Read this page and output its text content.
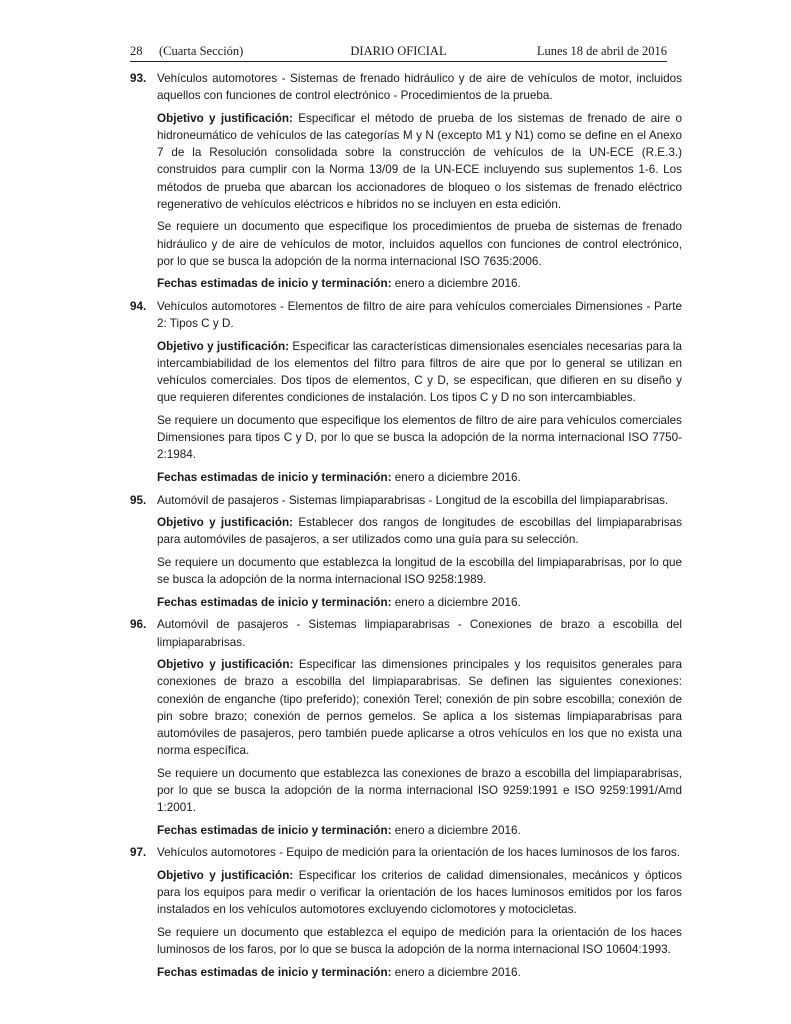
DIARIO OFICIAL
28 (Cuarta Sección)	Lunes 18 de abril de 2016
93. Vehículos automotores - Sistemas de frenado hidráulico y de aire de vehículos de motor, incluidos aquellos con funciones de control electrónico - Procedimientos de la prueba.

Objetivo y justificación: Especificar el método de prueba de los sistemas de frenado de aire o hidroneumático de vehículos de las categorías M y N (excepto M1 y N1) como se define en el Anexo 7 de la Resolución consolidada sobre la construcción de vehículos de la UN-ECE (R.E.3.) construidos para cumplir con la Norma 13/09 de la UN-ECE incluyendo sus suplementos 1-6. Los métodos de prueba que abarcan los accionadores de bloqueo o los sistemas de frenado eléctrico regenerativo de vehículos eléctricos e híbridos no se incluyen en esta edición.

Se requiere un documento que especifique los procedimientos de prueba de sistemas de frenado hidráulico y de aire de vehículos de motor, incluidos aquellos con funciones de control electrónico, por lo que se busca la adopción de la norma internacional ISO 7635:2006.

Fechas estimadas de inicio y terminación: enero a diciembre 2016.

94. Vehículos automotores - Elementos de filtro de aire para vehículos comerciales Dimensiones - Parte 2: Tipos C y D.

Objetivo y justificación: Especificar las características dimensionales esenciales necesarias para la intercambiabilidad de los elementos del filtro para filtros de aire que por lo general se utilizan en vehículos comerciales. Dos tipos de elementos, C y D, se especifican, que difieren en su diseño y que requieren diferentes condiciones de instalación. Los tipos C y D no son intercambiables.

Se requiere un documento que especifique los elementos de filtro de aire para vehículos comerciales Dimensiones para tipos C y D, por lo que se busca la adopción de la norma internacional ISO 7750-2:1984.

Fechas estimadas de inicio y terminación: enero a diciembre 2016.

95. Automóvil de pasajeros - Sistemas limpiaparabrisas - Longitud de la escobilla del limpiaparabrisas.

Objetivo y justificación: Establecer dos rangos de longitudes de escobillas del limpiaparabrisas para automóviles de pasajeros, a ser utilizados como una guía para su selección.

Se requiere un documento que establezca la longitud de la escobilla del limpiaparabrisas, por lo que se busca la adopción de la norma internacional ISO 9258:1989.

Fechas estimadas de inicio y terminación: enero a diciembre 2016.

96. Automóvil de pasajeros - Sistemas limpiaparabrisas - Conexiones de brazo a escobilla del limpiaparabrisas.

Objetivo y justificación: Especificar las dimensiones principales y los requisitos generales para conexiones de brazo a escobilla del limpiaparabrisas. Se definen las siguientes conexiones: conexión de enganche (tipo preferido); conexión Terel; conexión de pin sobre escobilla; conexión de pin sobre brazo; conexión de pernos gemelos. Se aplica a los sistemas limpiaparabrisas para automóviles de pasajeros, pero también puede aplicarse a otros vehículos en los que no exista una norma específica.

Se requiere un documento que establezca las conexiones de brazo a escobilla del limpiaparabrisas, por lo que se busca la adopción de la norma internacional ISO 9259:1991 e ISO 9259:1991/Amd 1:2001.

Fechas estimadas de inicio y terminación: enero a diciembre 2016.

97. Vehículos automotores - Equipo de medición para la orientación de los haces luminosos de los faros.

Objetivo y justificación: Especificar los criterios de calidad dimensionales, mecánicos y ópticos para los equipos para medir o verificar la orientación de los haces luminosos emitidos por los faros instalados en los vehículos automotores excluyendo ciclomotores y motocicletas.

Se requiere un documento que establezca el equipo de medición para la orientación de los haces luminosos de los faros, por lo que se busca la adopción de la norma internacional ISO 10604:1993.

Fechas estimadas de inicio y terminación: enero a diciembre 2016.
